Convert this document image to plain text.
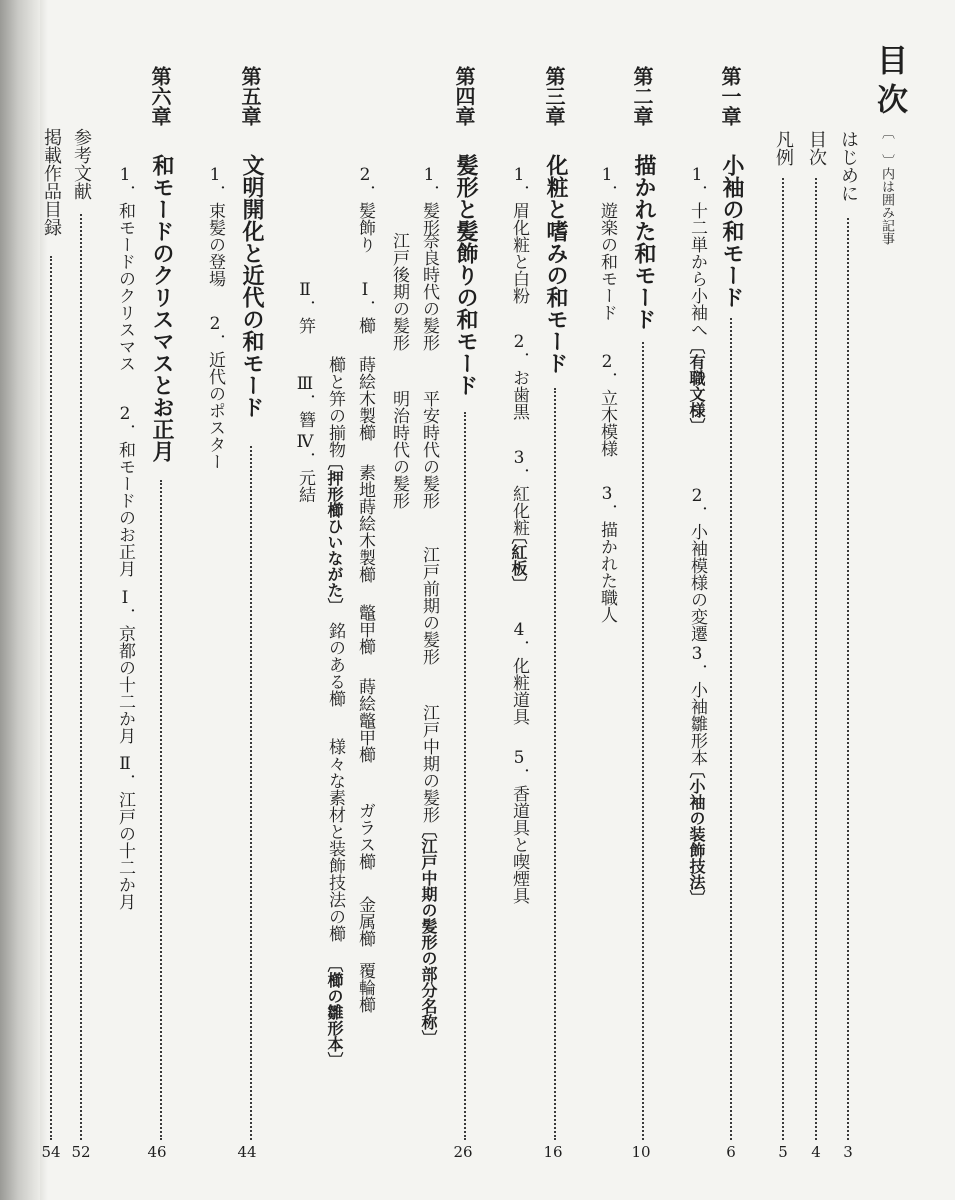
目次
〔 〕内は囲み記事
はじめに
3
目次
4
凡例
5
第一章
小袖の和モード
6
1．十二単から小袖へ
〔有職文様〕
2．小袖模様の変遷
3．小袖雛形本
〔小袖の装飾技法〕
第二章
描かれた和モード
10
1．遊楽の和モード
2．立木模様
3．描かれた職人
第三章
化粧と嗜みの和モード
16
1．眉化粧と白粉
2．お歯黒
3．紅化粧
〔紅板〕
4．化粧道具
5．香道具と喫煙具
第四章
髪形と髪飾りの和モード
26
1．髪形
奈良時代の髪形
平安時代の髪形
江戸前期の髪形
江戸中期の髪形
〔江戸中期の髪形の部分名称〕
江戸後期の髪形
明治時代の髪形
2．髪飾り
Ⅰ．櫛
蒔絵木製櫛
素地蒔絵木製櫛
鼈甲櫛
蒔絵鼈甲櫛
ガラス櫛
金属櫛
覆輪櫛
櫛と笄の揃物
〔押形櫛ひいながた〕
銘のある櫛
様々な素材と装飾技法の櫛
〔櫛の雛形本〕
Ⅱ．笄
Ⅲ．簪
Ⅳ．元結
第五章
文明開化と近代の和モード
44
1．束髪の登場
2．近代のポスター
第六章
和モードのクリスマスとお正月
46
1．和モードのクリスマス
2．和モードのお正月
Ⅰ．京都の十二か月
Ⅱ．江戸の十二か月
参考文献
52
掲載作品目録
54
